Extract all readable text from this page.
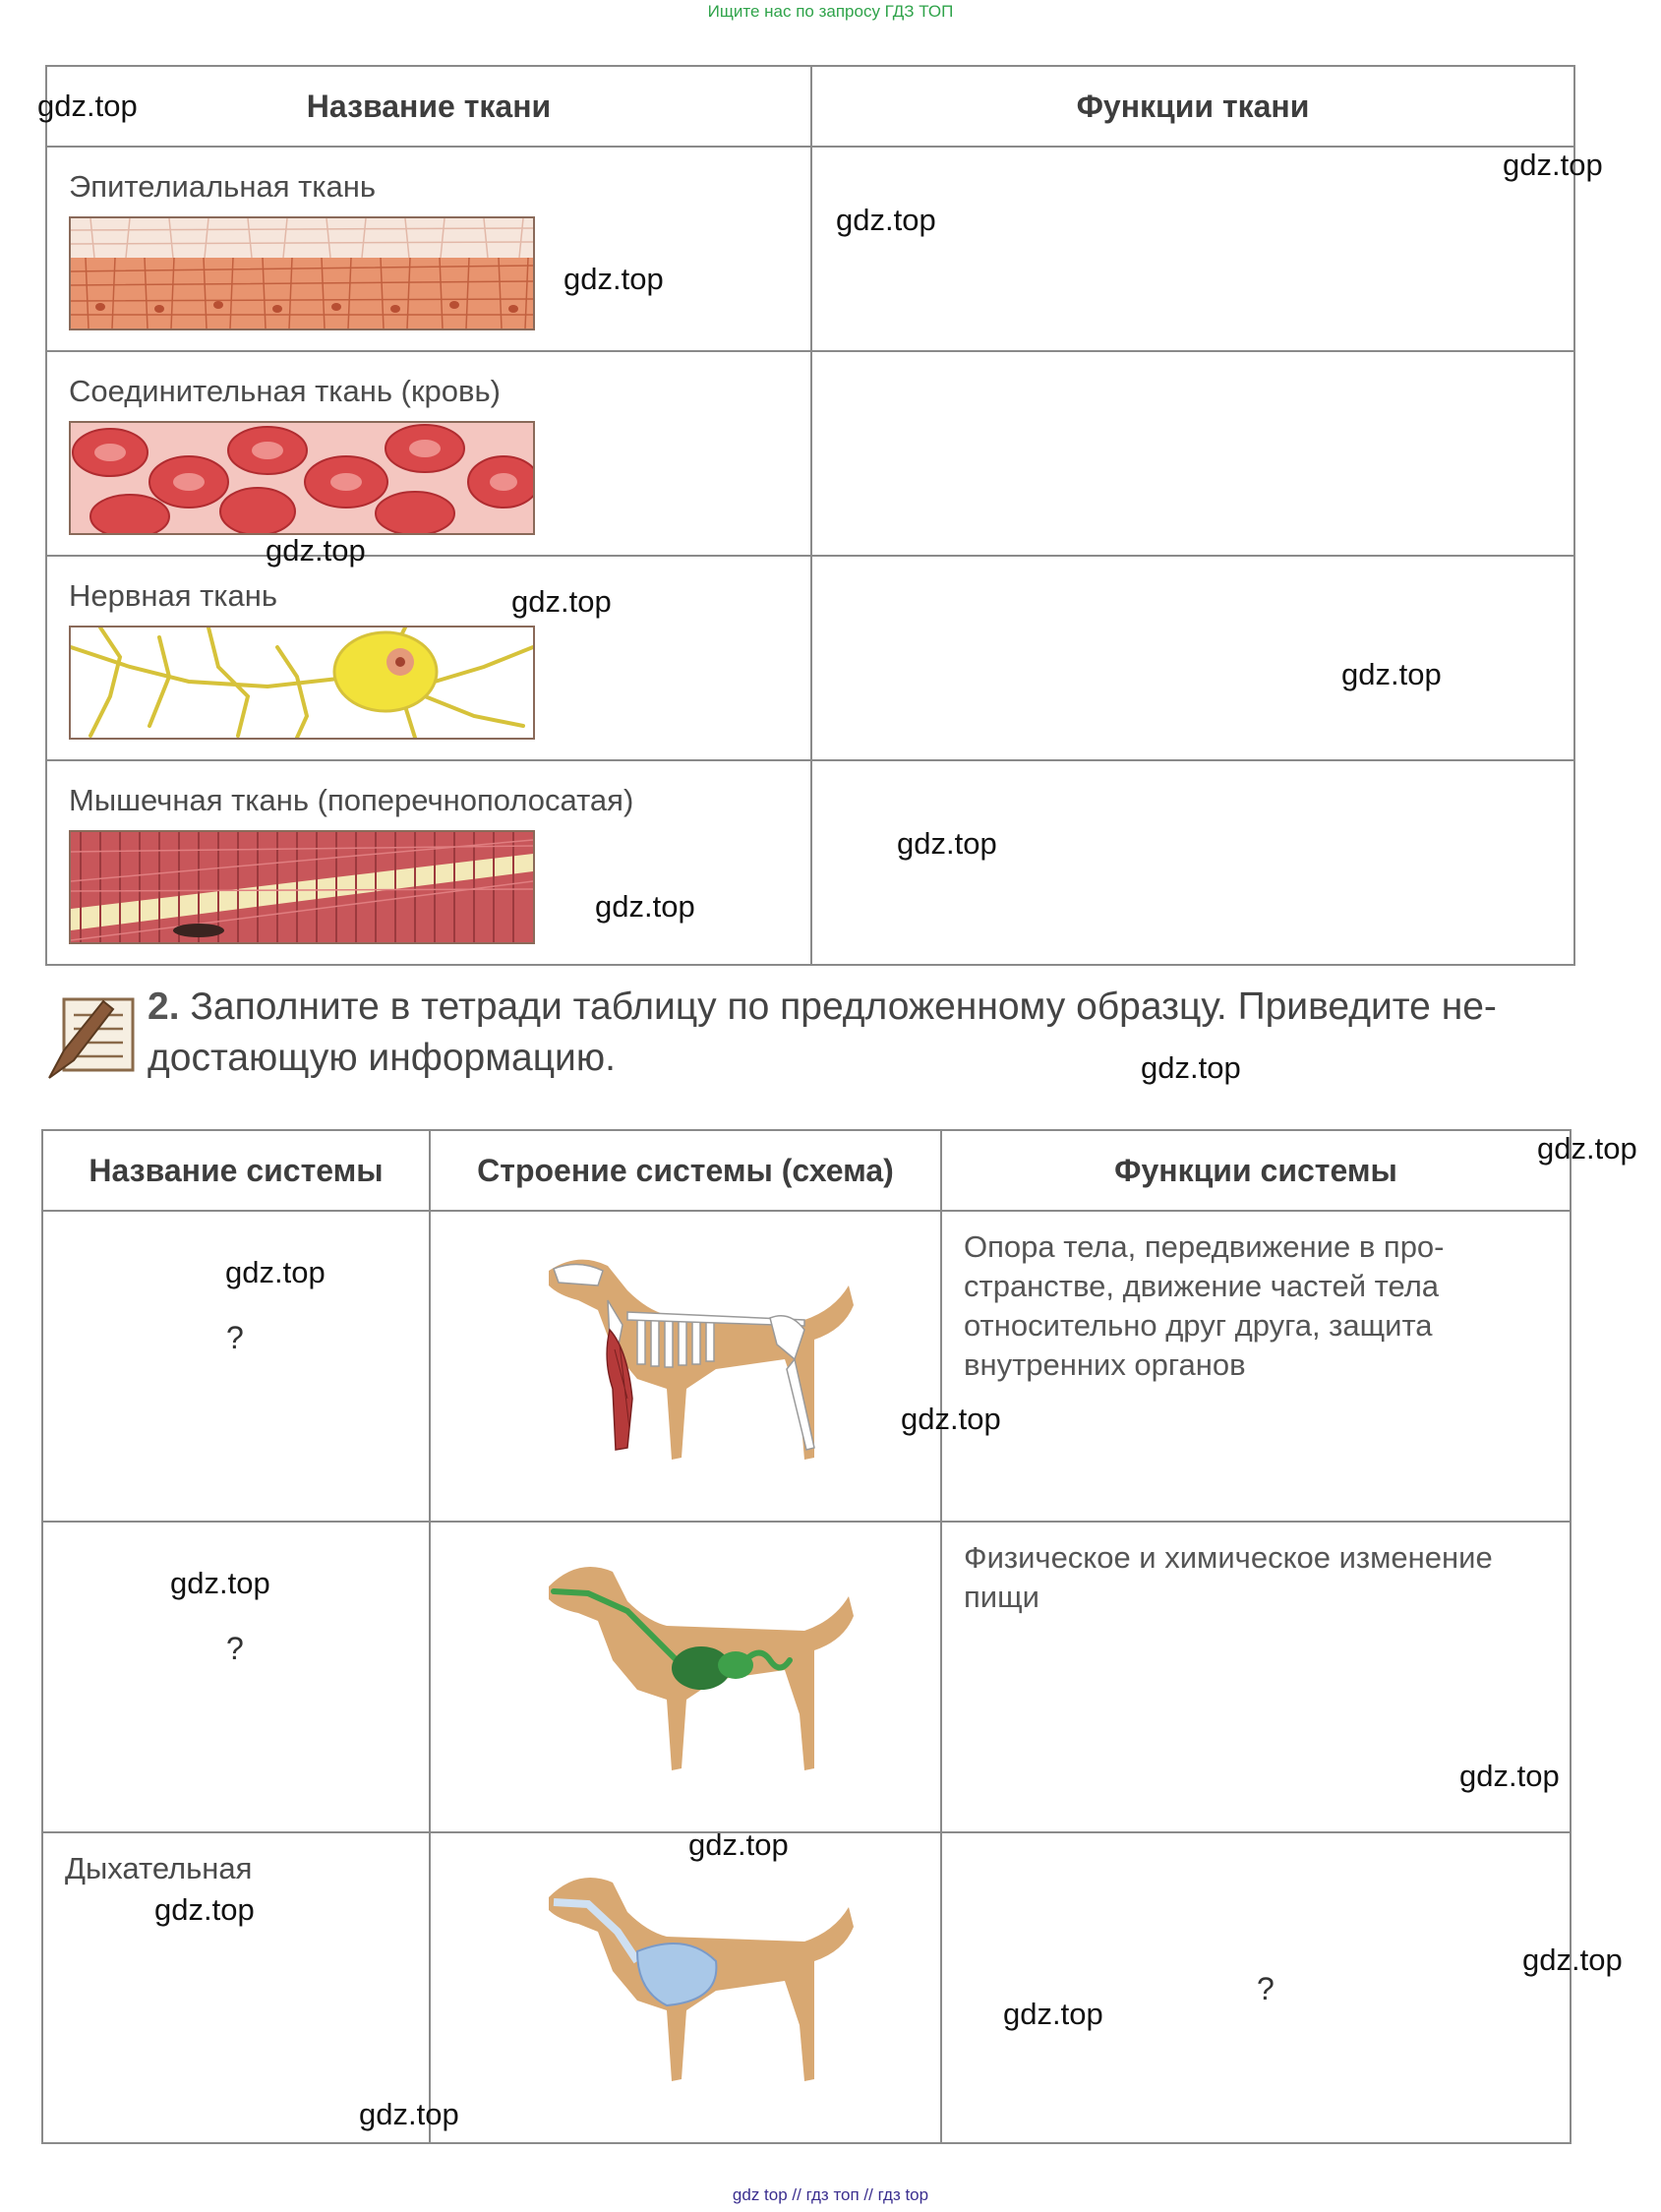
Ищите нас по запросу ГДЗ ТОП
Название ткани	Функции ткани

Эпителиальная ткань	

Соединительная ткань (кровь)	

Нервная ткань	

Мышечная ткань (поперечнополосатая)	

2. Заполните в тетради таблицу по предложенному образцу. Приведите не-
достающую информацию.
Название системы	Строение системы (схема)	Функции системы

?		Опора тела, передвижение в про-
странстве, движение частей тела
относительно друг друга, защита
внутренних органов

?		Физическое и химическое изменение
пищи

Дыхательная		?
gdz.top
gdz.top
gdz.top
gdz.top
gdz.top
gdz.top
gdz.top
gdz.top
gdz.top
gdz.top
gdz.top
gdz.top
gdz.top
gdz.top
gdz.top
gdz.top
gdz.top
gdz.top
gdz.top
gdz.top
gdz top // гдз топ // гдз top
